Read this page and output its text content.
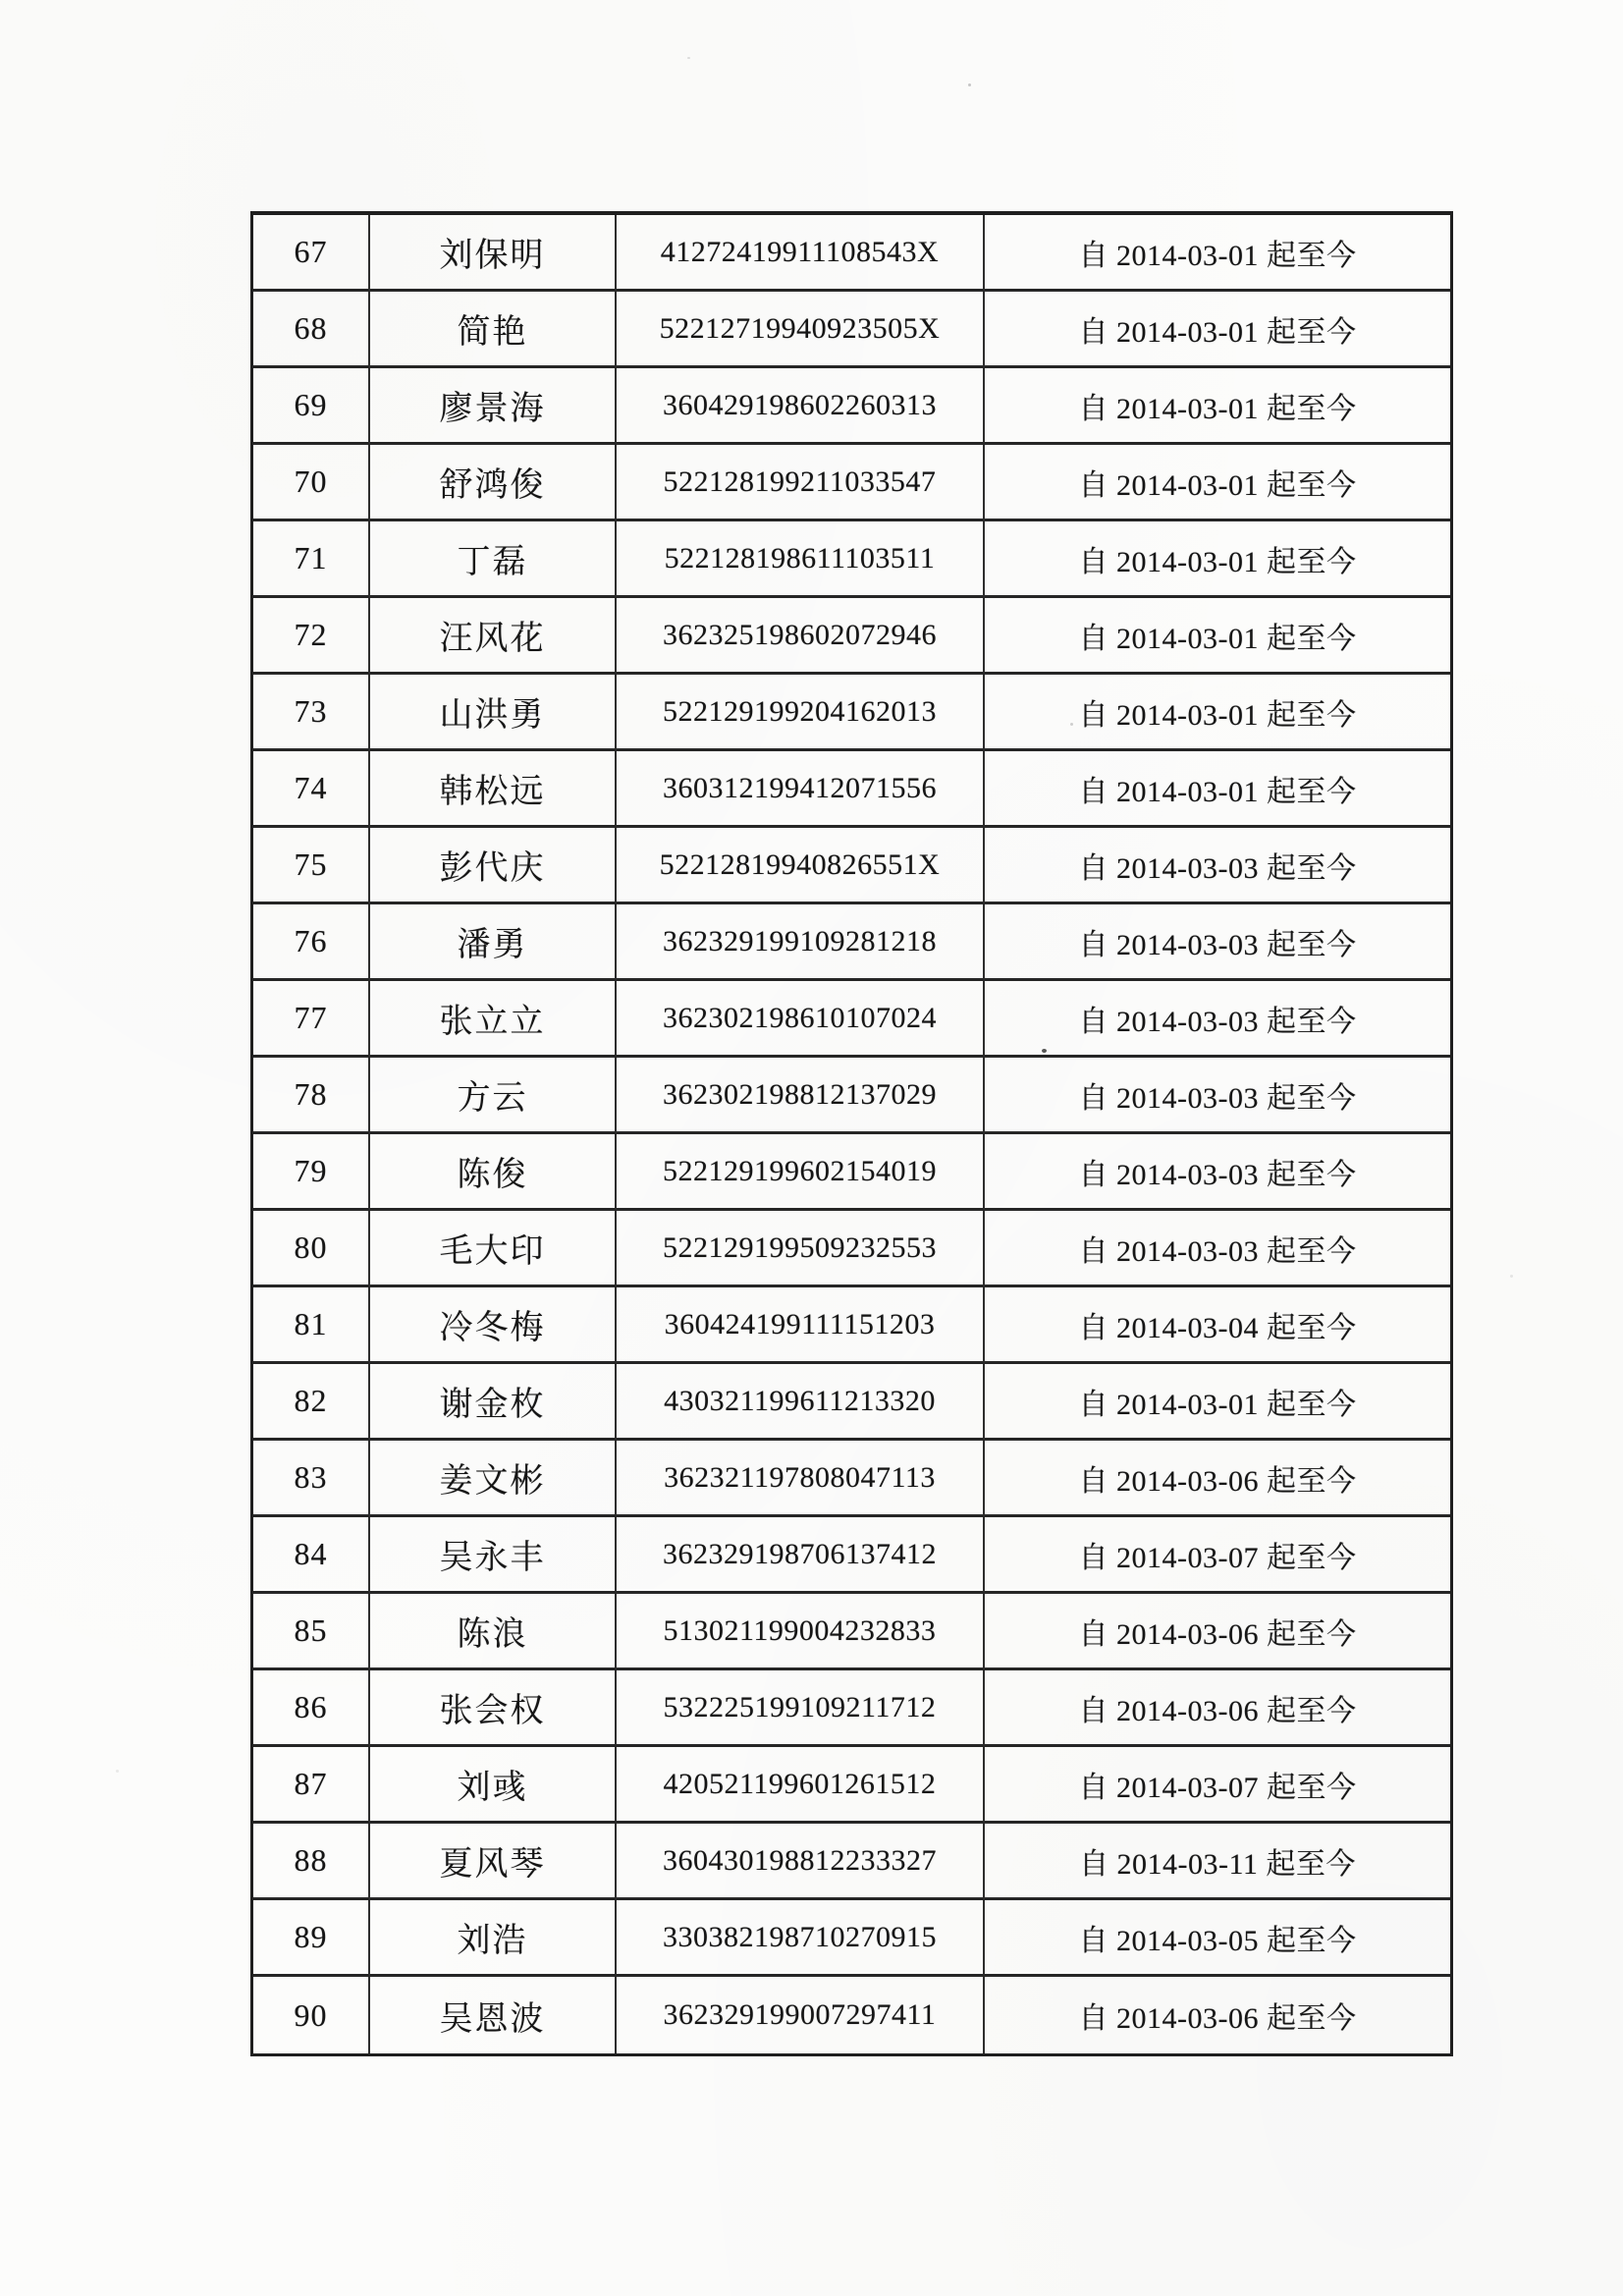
67	刘保明	41272419911108543X	自 2014-03-01 起至今
68	简艳	52212719940923505X	自 2014-03-01 起至今
69	廖景海	360429198602260313	自 2014-03-01 起至今
70	舒鸿俊	522128199211033547	自 2014-03-01 起至今
71	丁磊	522128198611103511	自 2014-03-01 起至今
72	汪风花	362325198602072946	自 2014-03-01 起至今
73	山洪勇	522129199204162013	自 2014-03-01 起至今
74	韩松远	360312199412071556	自 2014-03-01 起至今
75	彭代庆	52212819940826551X	自 2014-03-03 起至今
76	潘勇	362329199109281218	自 2014-03-03 起至今
77	张立立	362302198610107024	自 2014-03-03 起至今
78	方云	362302198812137029	自 2014-03-03 起至今
79	陈俊	522129199602154019	自 2014-03-03 起至今
80	毛大印	522129199509232553	自 2014-03-03 起至今
81	冷冬梅	360424199111151203	自 2014-03-04 起至今
82	谢金枚	430321199611213320	自 2014-03-01 起至今
83	姜文彬	362321197808047113	自 2014-03-06 起至今
84	吴永丰	362329198706137412	自 2014-03-07 起至今
85	陈浪	513021199004232833	自 2014-03-06 起至今
86	张会权	532225199109211712	自 2014-03-06 起至今
87	刘彧	420521199601261512	自 2014-03-07 起至今
88	夏风琴	360430198812233327	自 2014-03-11 起至今
89	刘浩	330382198710270915	自 2014-03-05 起至今
90	吴恩波	362329199007297411	自 2014-03-06 起至今
